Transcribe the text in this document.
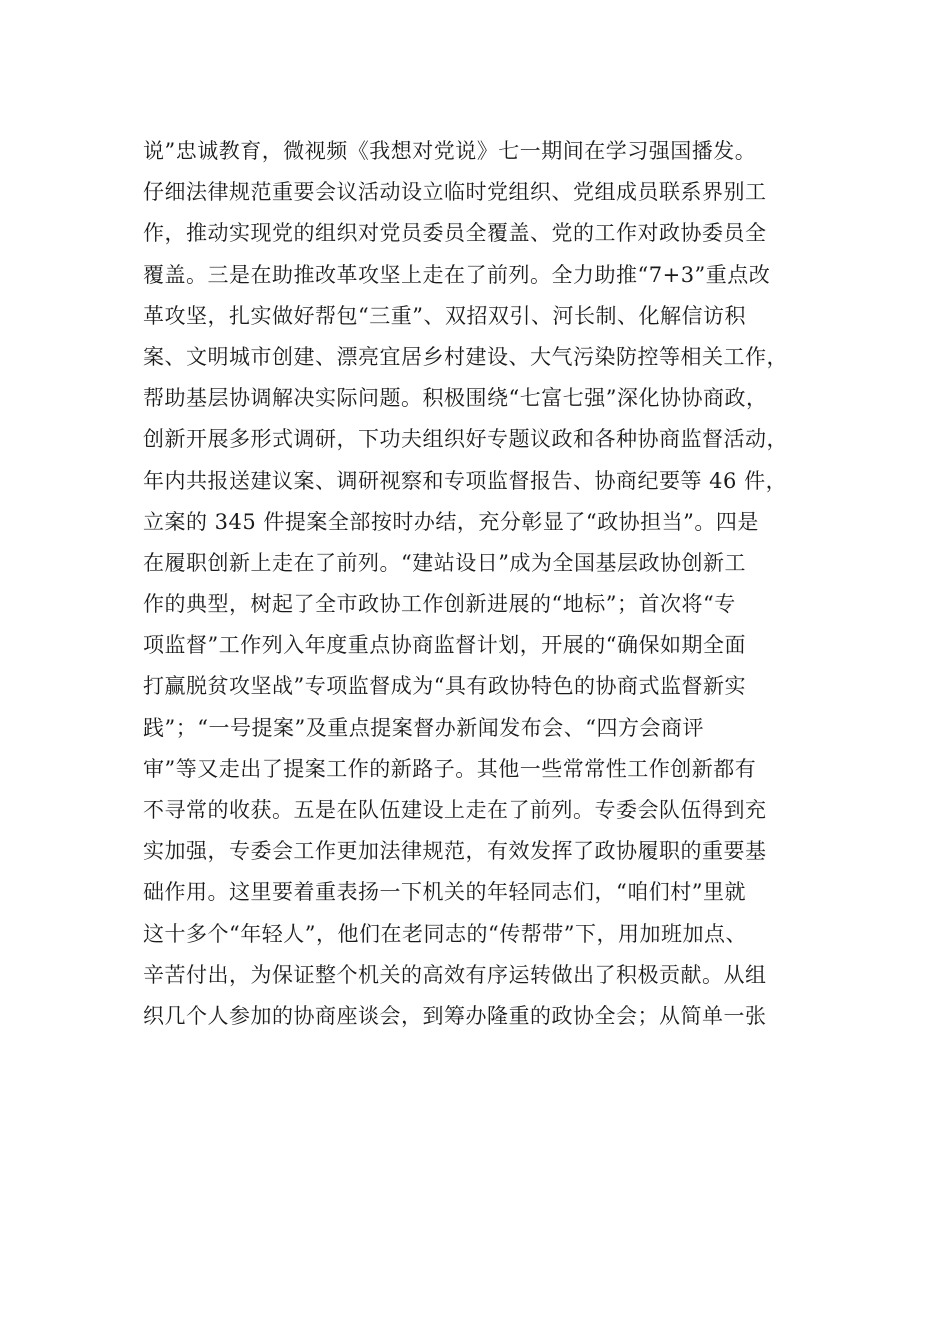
说”忠诚教育，微视频《我想对党说》七一期间在学习强国播发。
仔细法律规范重要会议活动设立临时党组织、党组成员联系界别工
作，推动实现党的组织对党员委员全覆盖、党的工作对政协委员全
覆盖。三是在助推改革攻坚上走在了前列。全力助推“7+3”重点改
革攻坚，扎实做好帮包“三重”、双招双引、河长制、化解信访积
案、文明城市创建、漂亮宜居乡村建设、大气污染防控等相关工作，
帮助基层协调解决实际问题。积极围绕“七富七强”深化协协商政，
创新开展多形式调研，下功夫组织好专题议政和各种协商监督活动，
年内共报送建议案、调研视察和专项监督报告、协商纪要等 46 件，
立案的 345 件提案全部按时办结，充分彰显了“政协担当”。四是
在履职创新上走在了前列。“建站设日”成为全国基层政协创新工
作的典型，树起了全市政协工作创新进展的“地标”；首次将“专
项监督”工作列入年度重点协商监督计划，开展的“确保如期全面
打赢脱贫攻坚战”专项监督成为“具有政协特色的协商式监督新实
践”；“一号提案”及重点提案督办新闻发布会、“四方会商评
审”等又走出了提案工作的新路子。其他一些常常性工作创新都有
不寻常的收获。五是在队伍建设上走在了前列。专委会队伍得到充
实加强，专委会工作更加法律规范，有效发挥了政协履职的重要基
础作用。这里要着重表扬一下机关的年轻同志们，“咱们村”里就
这十多个“年轻人”，他们在老同志的“传帮带”下，用加班加点、
辛苦付出，为保证整个机关的高效有序运转做出了积极贡献。从组
织几个人参加的协商座谈会，到筹办隆重的政协全会；从简单一张
